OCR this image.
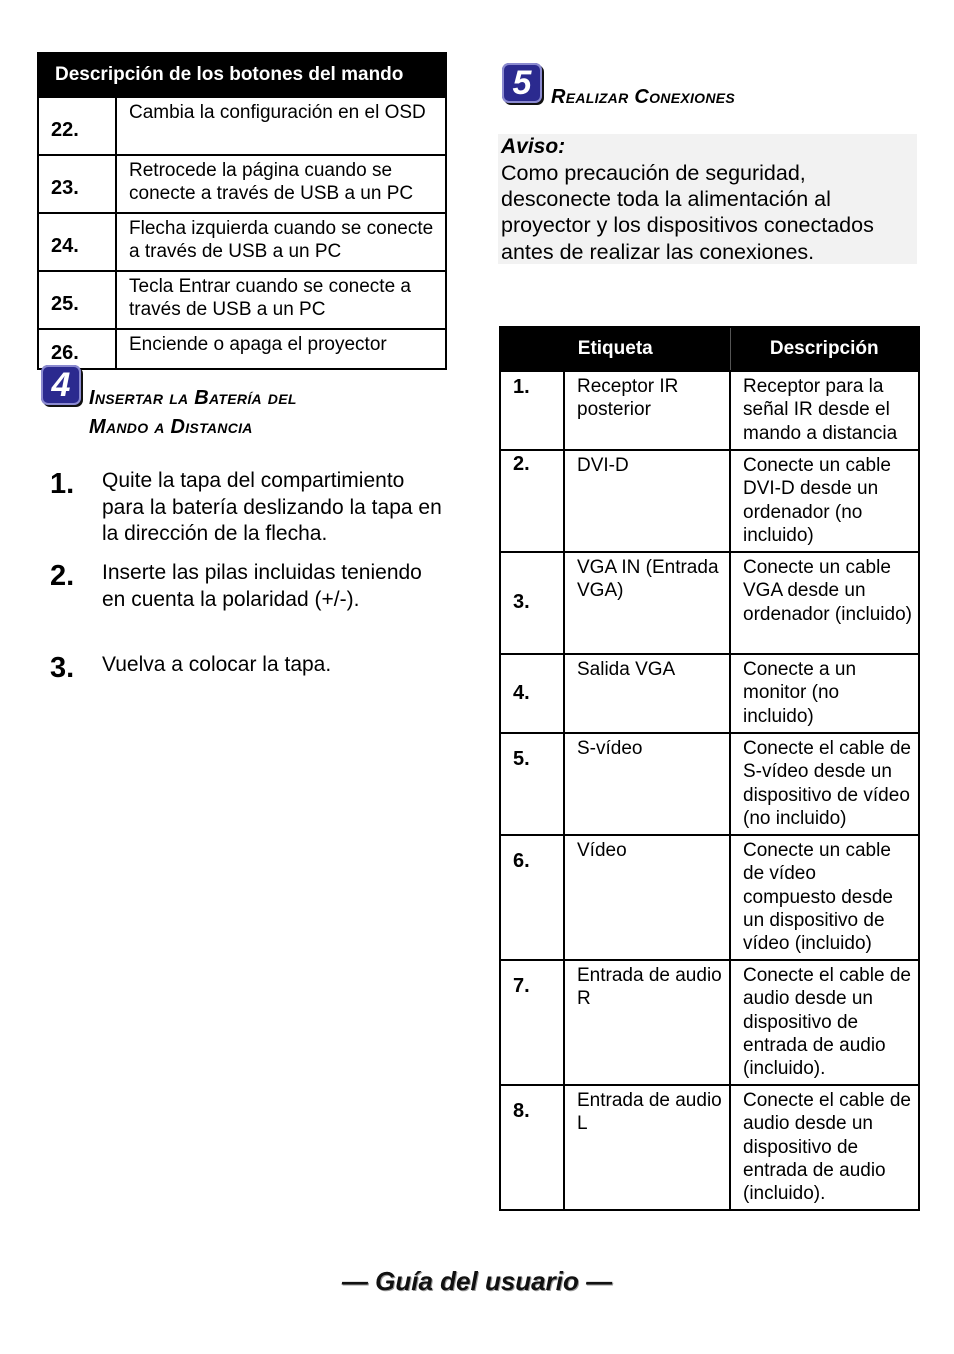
Descripción de los botones del mando	
22.	Cambia la configuración en el OSD
23.	Retrocede la página cuando se conecte a través de USB a un PC
24.	Flecha izquierda cuando se conecte a través de USB a un PC
25.	Tecla Entrar cuando se conecte a través de USB a un PC
26.	Enciende o apaga el proyector
4 Insertar la Batería del
Mando a Distancia
1. Quite la tapa del compartimiento para la batería deslizando la tapa en la dirección de la flecha.
2. Inserte las pilas incluidas teniendo en cuenta la polaridad (+/-).
3. Vuelva a colocar la tapa.
5 Realizar Conexiones
Aviso:
Como precaución de seguridad, desconecte toda la alimentación al proyector y los dispositivos conectados antes de realizar las conexiones.
Etiqueta		Descripción
1.	Receptor IR posterior	Receptor para la señal IR desde el mando a distancia
2.	DVI-D	Conecte un cable DVI-D desde un ordenador (no incluido)
3.	VGA IN (Entrada VGA)	Conecte un cable VGA desde un ordenador (incluido)
4.	Salida VGA	Conecte a un monitor (no incluido)
5.	S-vídeo	Conecte el cable de S-vídeo desde un dispositivo de vídeo (no incluido)
6.	Vídeo	Conecte un cable de vídeo compuesto desde un dispositivo de vídeo (incluido)
7.	Entrada de audio R	Conecte el cable de audio desde un dispositivo de entrada de audio (incluido).
8.	Entrada de audio L	Conecte el cable de audio desde un dispositivo de entrada de audio (incluido).
— Guía del usuario —
